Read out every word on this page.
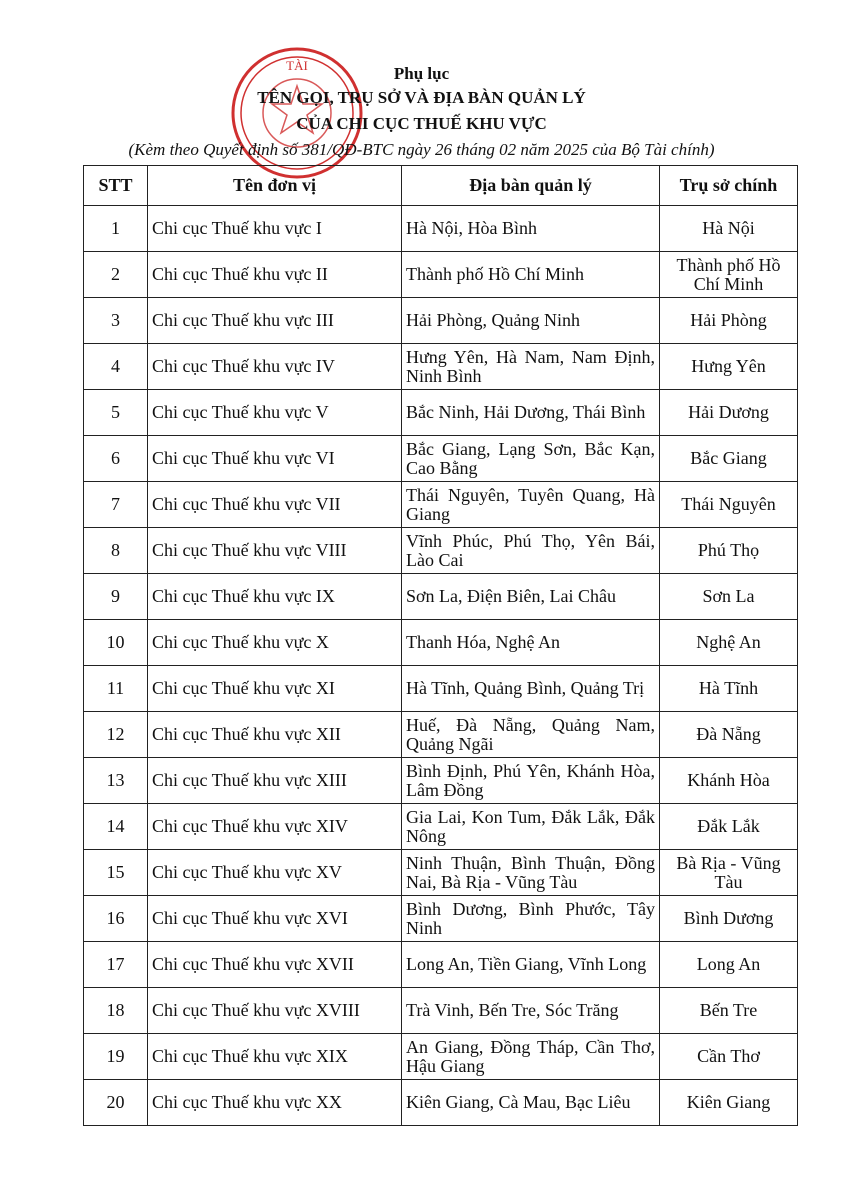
TÀI	Phụ lục
TÊN GỌI, TRỤ SỞ VÀ ĐỊA BÀN QUẢN LÝ
CỦA CHI CỤC THUẾ KHU VỰC
(Kèm theo Quyết định số 381/QĐ-BTC ngày 26 tháng 02 năm 2025 của Bộ Tài chính)
STT	Tên đơn vị	Địa bàn quản lý	Trụ sở chính
1	Chi cục Thuế khu vực I	Hà Nội, Hòa Bình	Hà Nội
2	Chi cục Thuế khu vực II	Thành phố Hồ Chí Minh	Thành phố Hồ Chí Minh
3	Chi cục Thuế khu vực III	Hải Phòng, Quảng Ninh	Hải Phòng
4	Chi cục Thuế khu vực IV	Hưng Yên, Hà Nam, Nam Định, Ninh Bình	Hưng Yên
5	Chi cục Thuế khu vực V	Bắc Ninh, Hải Dương, Thái Bình	Hải Dương
6	Chi cục Thuế khu vực VI	Bắc Giang, Lạng Sơn, Bắc Kạn, Cao Bằng	Bắc Giang
7	Chi cục Thuế khu vực VII	Thái Nguyên, Tuyên Quang, Hà Giang	Thái Nguyên
8	Chi cục Thuế khu vực VIII	Vĩnh Phúc, Phú Thọ, Yên Bái, Lào Cai	Phú Thọ
9	Chi cục Thuế khu vực IX	Sơn La, Điện Biên, Lai Châu	Sơn La
10	Chi cục Thuế khu vực X	Thanh Hóa, Nghệ An	Nghệ An
11	Chi cục Thuế khu vực XI	Hà Tĩnh, Quảng Bình, Quảng Trị	Hà Tĩnh
12	Chi cục Thuế khu vực XII	Huế, Đà Nẵng, Quảng Nam, Quảng Ngãi	Đà Nẵng
13	Chi cục Thuế khu vực XIII	Bình Định, Phú Yên, Khánh Hòa, Lâm Đồng	Khánh Hòa
14	Chi cục Thuế khu vực XIV	Gia Lai, Kon Tum, Đắk Lắk, Đắk Nông	Đắk Lắk
15	Chi cục Thuế khu vực XV	Ninh Thuận, Bình Thuận, Đồng Nai, Bà Rịa - Vũng Tàu	Bà Rịa - Vũng Tàu
16	Chi cục Thuế khu vực XVI	Bình Dương, Bình Phước, Tây Ninh	Bình Dương
17	Chi cục Thuế khu vực XVII	Long An, Tiền Giang, Vĩnh Long	Long An
18	Chi cục Thuế khu vực XVIII	Trà Vinh, Bến Tre, Sóc Trăng	Bến Tre
19	Chi cục Thuế khu vực XIX	An Giang, Đồng Tháp, Cần Thơ, Hậu Giang	Cần Thơ
20	Chi cục Thuế khu vực XX	Kiên Giang, Cà Mau, Bạc Liêu	Kiên Giang
